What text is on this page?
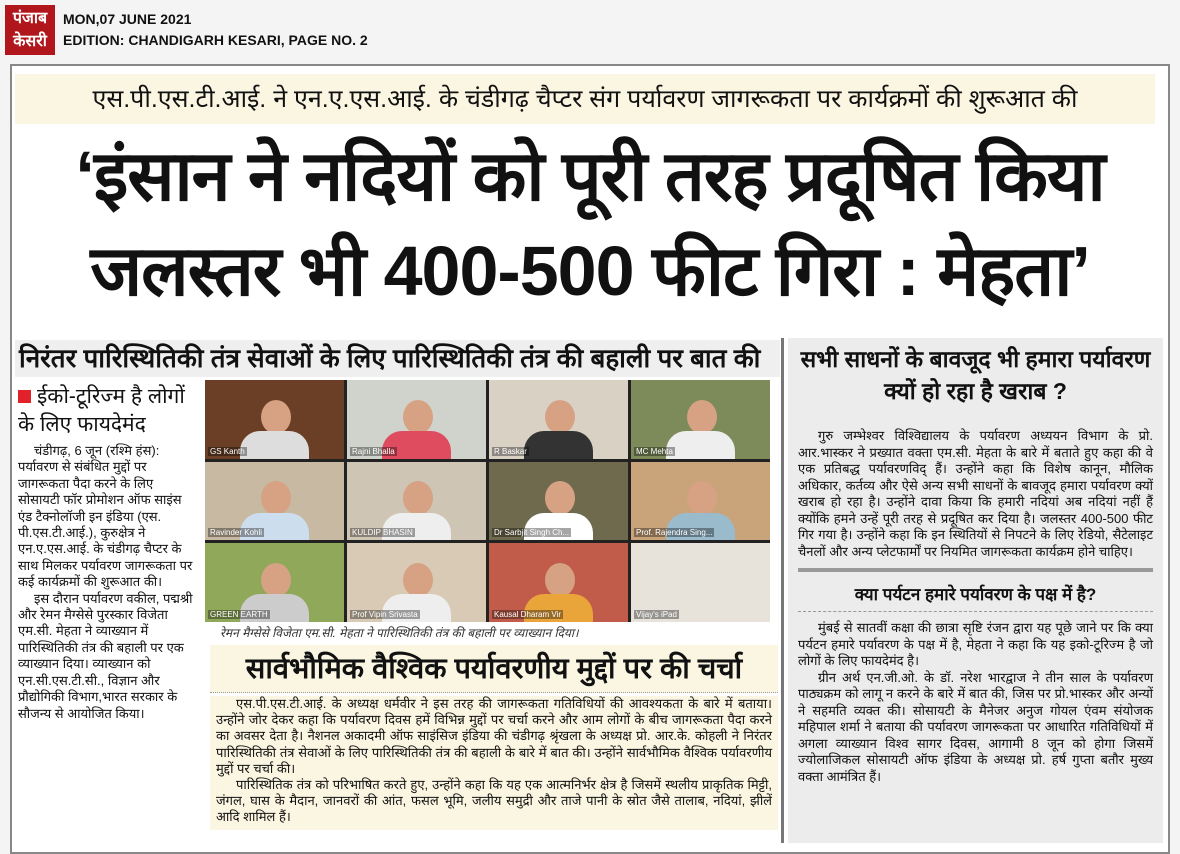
पंजाब
केसरी
MON,07 JUNE 2021
EDITION: CHANDIGARH KESARI, PAGE NO. 2
एस.पी.एस.टी.आई. ने एन.ए.एस.आई. के चंडीगढ़ चैप्टर संग पर्यावरण जागरूकता पर कार्यक्रमों की शुरूआत की
‘इंसान ने नदियों को पूरी तरह प्रदूषित किया
जलस्तर भी 400-500 फीट गिरा : मेहता’
निरंतर पारिस्थितिकी तंत्र सेवाओं के लिए पारिस्थितिकी तंत्र की बहाली पर बात की
ईको-टूरिज्म है लोगों के लिए फायदेमंद

चंडीगढ़, 6 जून (रश्मि हंस): पर्यावरण से संबंधित मुद्दों पर जागरूकता पैदा करने के लिए सोसायटी फॉर प्रोमोशन ऑफ साइंस एंड टैक्नोलॉजी इन इंडिया (एस. पी.एस.टी.आई.), कुरुक्षेत्र ने एन.ए.एस.आई. के चंडीगढ़ चैप्टर के साथ मिलकर पर्यावरण जागरूकता पर कई कार्यक्रमों की शुरूआत की।

इस दौरान पर्यावरण वकील, पद्मश्री और रेमन मैग्सेसे पुरस्कार विजेता एम.सी. मेहता ने व्याख्यान में पारिस्थितिकी तंत्र की बहाली पर एक व्याख्यान दिया। व्याख्यान को एन.सी.एस.टी.सी., विज्ञान और प्रौद्योगिकी विभाग,भारत सरकार के सौजन्य से आयोजित किया।

GS Kanth	Rajni Bhalla	R Baskar	MC Mehta
Ravinder Kohli	KULDIP BHASIN	Dr Sarbjit Singh Ch...	Prof. Rajendra Sing...
GREEN EARTH	Prof Vipin Srivasta	Kausal Dharam Vir	Vijay's iPad
रेमन मैग्सेसे विजेता एम.सी. मेहता ने पारिस्थितिकी तंत्र की बहाली पर व्याख्यान दिया।
सार्वभौमिक वैश्विक पर्यावरणीय मुद्दों पर की चर्चा

एस.पी.एस.टी.आई. के अध्यक्ष धर्मवीर ने इस तरह की जागरूकता गतिविधियों की आवश्यकता के बारे में बताया। उन्होंने जोर देकर कहा कि पर्यावरण दिवस हमें विभिन्न मुद्दों पर चर्चा करने और आम लोगों के बीच जागरूकता पैदा करने का अवसर देता है। नैशनल अकादमी ऑफ साइंसिज इंडिया की चंडीगढ़ श्रृंखला के अध्यक्ष प्रो. आर.के. कोहली ने निरंतर पारिस्थितिकी तंत्र सेवाओं के लिए पारिस्थितिकी तंत्र की बहाली के बारे में बात की। उन्होंने सार्वभौमिक वैश्विक पर्यावरणीय मुद्दों पर चर्चा की।

पारिस्थितिक तंत्र को परिभाषित करते हुए, उन्होंने कहा कि यह एक आत्मनिर्भर क्षेत्र है जिसमें स्थलीय प्राकृतिक मिट्टी, जंगल, घास के मैदान, जानवरों की आंत, फसल भूमि, जलीय समुद्री और ताजे पानी के स्रोत जैसे तालाब, नदियां, झीलें आदि शामिल हैं।

सभी साधनों के बावजूद भी हमारा पर्यावरण क्यों हो रहा है खराब ?

गुरु जम्भेश्वर विश्विद्यालय के पर्यावरण अध्ययन विभाग के प्रो. आर.भास्कर ने प्रख्यात वक्ता एम.सी. मेहता के बारे में बताते हुए कहा की वे एक प्रतिबद्ध पर्यावरणविद् हैं। उन्होंने कहा कि विशेष कानून, मौलिक अधिकार, कर्तव्य और ऐसे अन्य सभी साधनों के बावजूद हमारा पर्यावरण क्यों खराब हो रहा है। उन्होंने दावा किया कि हमारी नदियां अब नदियां नहीं हैं क्योंकि हमने उन्हें पूरी तरह से प्रदूषित कर दिया है। जलस्तर 400-500 फीट गिर गया है। उन्होंने कहा कि इन स्थितियों से निपटने के लिए रेडियो, सैटेलाइट चैनलों और अन्य प्लेटफार्मों पर नियमित जागरूकता कार्यक्रम होने चाहिए।

क्या पर्यटन हमारे पर्यावरण के पक्ष में है?

मुंबई से सातवीं कक्षा की छात्रा सृष्टि रंजन द्वारा यह पूछे जाने पर कि क्या पर्यटन हमारे पर्यावरण के पक्ष में है, मेहता ने कहा कि यह इको-टूरिज्म है जो लोगों के लिए फायदेमंद है।

ग्रीन अर्थ एन.जी.ओ. के डॉ. नरेश भारद्वाज ने तीन साल के पर्यावरण पाठ्यक्रम को लागू न करने के बारे में बात की, जिस पर प्रो.भास्कर और अन्यों ने सहमति व्यक्त की। सोसायटी के मैनेजर अनुज गोयल एंवम संयोजक महिपाल शर्मा ने बताया की पर्यावरण जागरूकता पर आधारित गतिविधियों में अगला व्याख्यान विश्व सागर दिवस, आगामी 8 जून को होगा जिसमें ज्योलाजिकल सोसायटी ऑफ इंडिया के अध्यक्ष प्रो. हर्ष गुप्ता बतौर मुख्य वक्ता आमंत्रित हैं।
